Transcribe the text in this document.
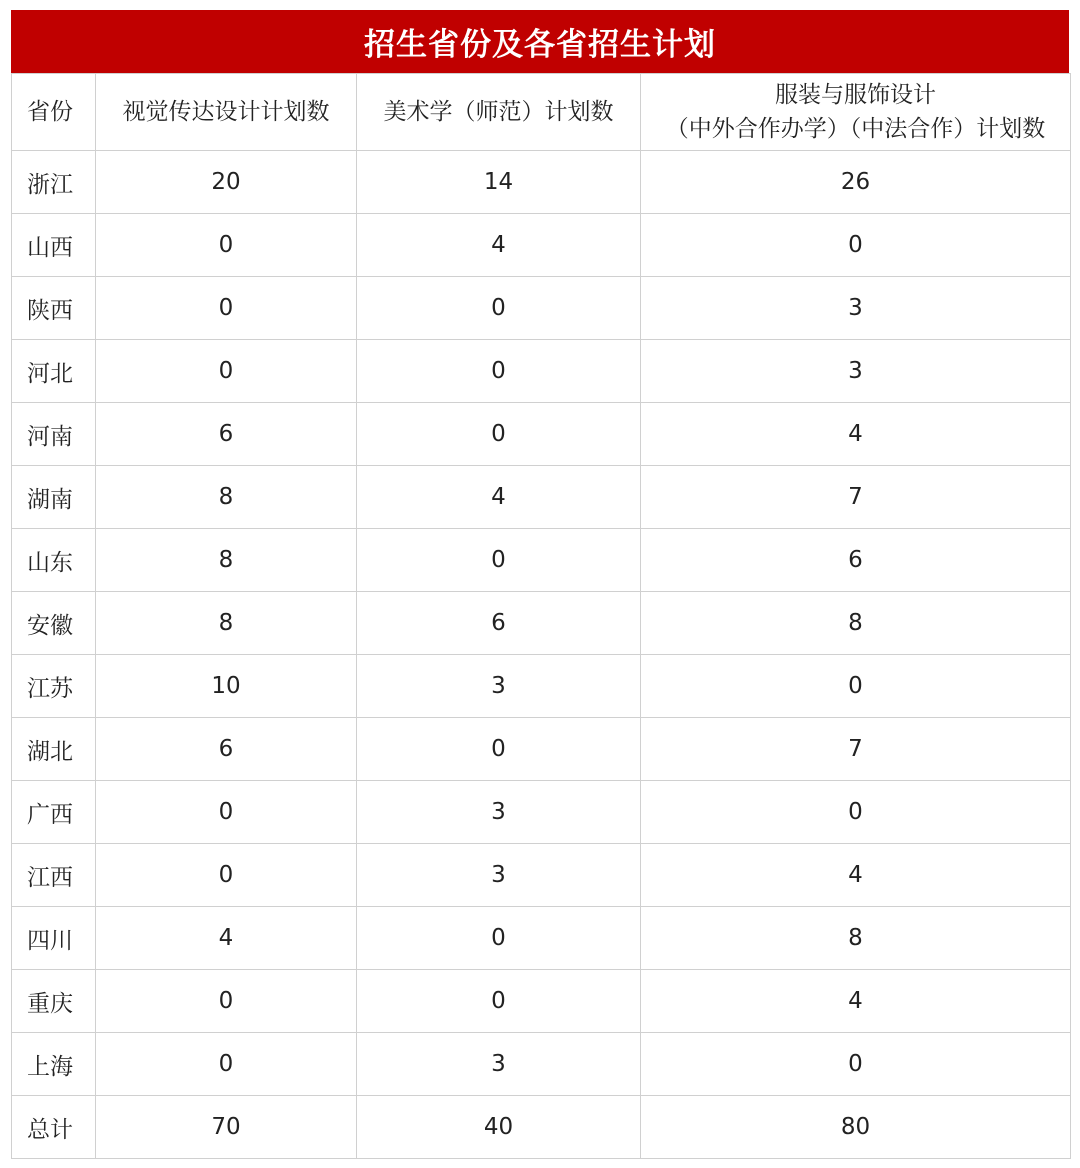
招生省份及各省招生计划
省份	视觉传达设计计划数	美术学（师范）计划数	服装与服饰设计
（中外合作办学）（中法合作）计划数

浙江	20	14	26
山西	0	4	0
陕西	0	0	3
河北	0	0	3
河南	6	0	4
湖南	8	4	7
山东	8	0	6
安徽	8	6	8
江苏	10	3	0
湖北	6	0	7
广西	0	3	0
江西	0	3	4
四川	4	0	8
重庆	0	0	4
上海	0	3	0
总计	70	40	80
